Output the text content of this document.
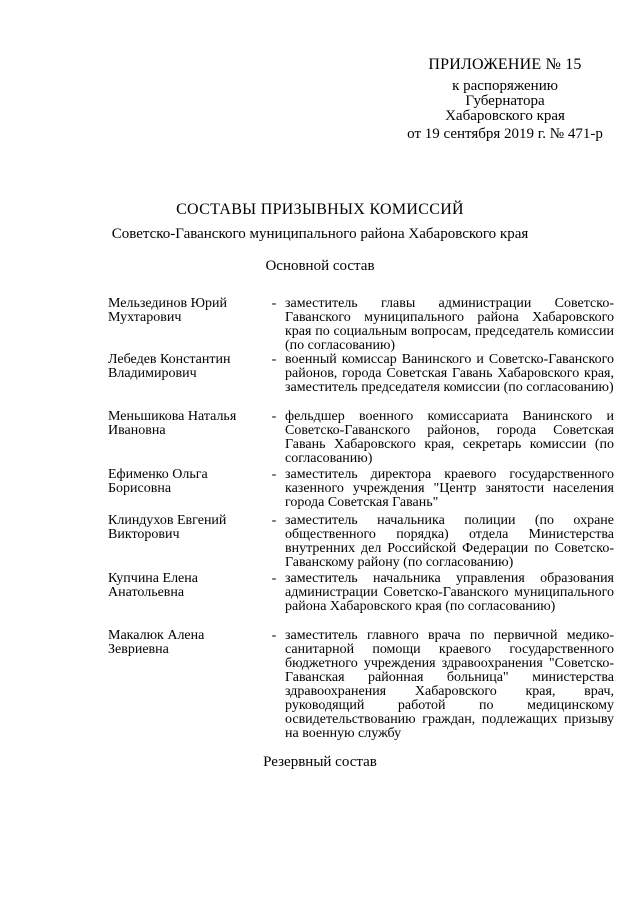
ПРИЛОЖЕНИЕ № 15
к распоряжению
Губернатора
Хабаровского края
от 19 сентября 2019 г. № 471-р
СОСТАВЫ ПРИЗЫВНЫХ КОМИССИЙ
Советско-Гаванского муниципального района Хабаровского края
Основной состав
Мельзединов Юрий Мухтарович
- заместитель главы администрации Советско-Гаванского муниципального района Хабаровского края по социальным вопросам, председатель комиссии (по согласованию)
Лебедев Константин Владимирович
- военный комиссар Ванинского и Советско-Гаванского районов, города Советская Гавань Хабаровского края, заместитель председателя комиссии (по согласованию)
Меньшикова Наталья Ивановна
- фельдшер военного комиссариата Ванинского и Советско-Гаванского районов, города Советская Гавань Хабаровского края, секретарь комиссии (по согласованию)
Ефименко Ольга Борисовна
- заместитель директора краевого государственного казенного учреждения "Центр занятости населения города Советская Гавань"
Клиндухов Евгений Викторович
- заместитель начальника полиции (по охране общественного порядка) отдела Министерства внутренних дел Российской Федерации по Советско-Гаванскому району (по согласованию)
Купчина Елена Анатольевна
- заместитель начальника управления образования администрации Советско-Гаванского муниципального района Хабаровского края (по согласованию)
Макалюк Алена Зевриевна
- заместитель главного врача по первичной медико-санитарной помощи краевого государственного бюджетного учреждения здравоохранения "Советско-Гаванская районная больница" министерства здравоохранения Хабаровского края, врач, руководящий работой по медицинскому освидетельствованию граждан, подлежащих призыву на военную службу
Резервный состав
